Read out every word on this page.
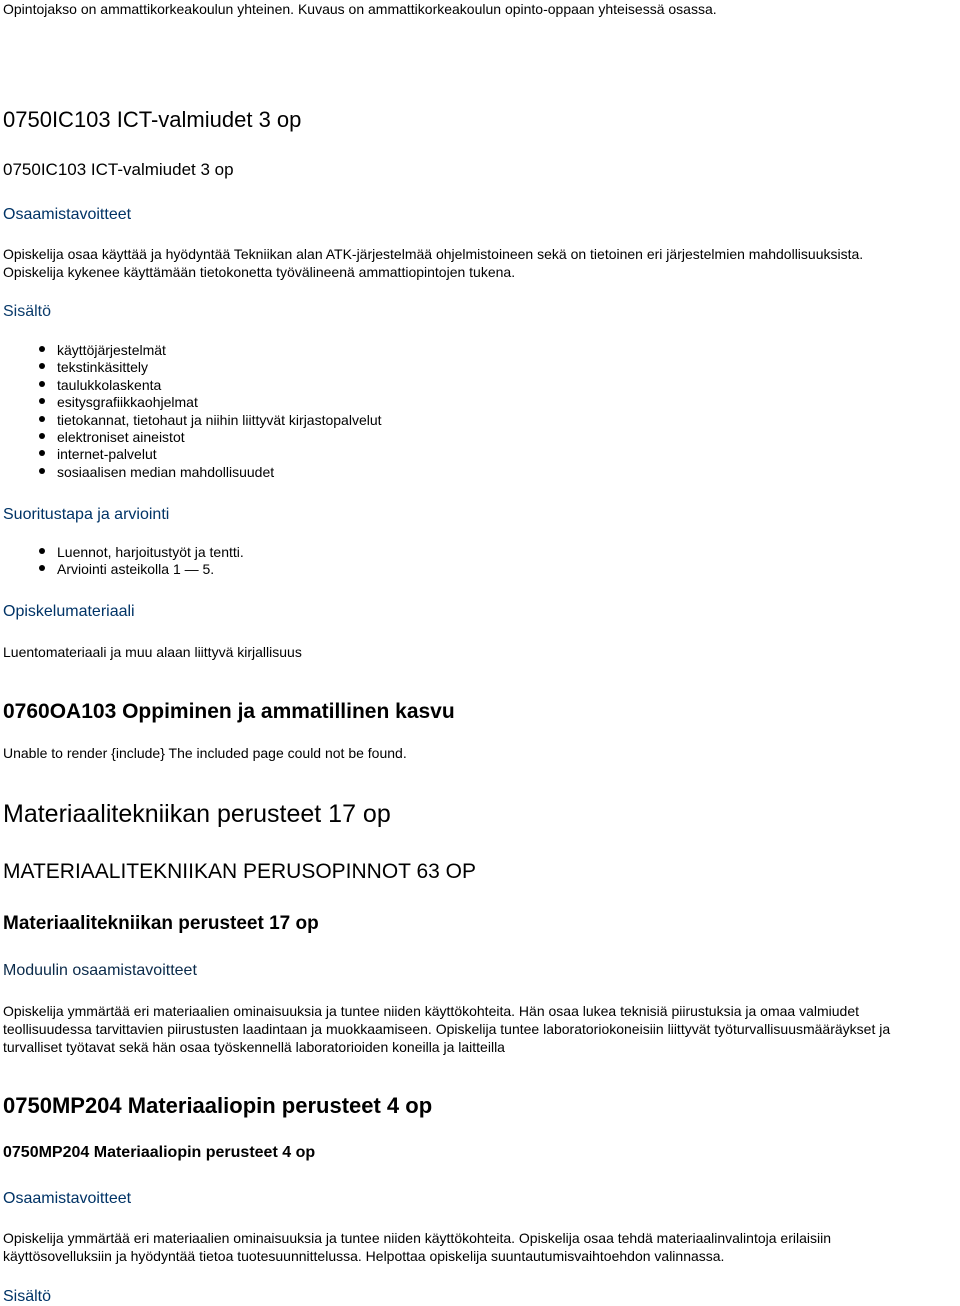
Opintojakso on ammattikorkeakoulun yhteinen. Kuvaus on ammattikorkeakoulun opinto-oppaan yhteisessä osassa.
0750IC103 ICT-valmiudet 3 op
0750IC103 ICT-valmiudet 3 op
Osaamistavoitteet
Opiskelija osaa käyttää ja hyödyntää Tekniikan alan ATK-järjestelmää ohjelmistoineen sekä on tietoinen eri järjestelmien mahdollisuuksista.
Opiskelija kykenee käyttämään tietokonetta työvälineenä ammattiopintojen tukena.
Sisältö
käyttöjärjestelmät
tekstinkäsittely
taulukkolaskenta
esitysgrafiikkaohjelmat
tietokannat, tietohaut ja niihin liittyvät kirjastopalvelut
elektroniset aineistot
internet-palvelut
sosiaalisen median mahdollisuudet
Suoritustapa ja arviointi
Luennot, harjoitustyöt ja tentti.
Arviointi asteikolla 1 — 5.
Opiskelumateriaali
Luentomateriaali ja muu alaan liittyvä kirjallisuus
0760OA103 Oppiminen ja ammatillinen kasvu
Unable to render {include} The included page could not be found.
Materiaalitekniikan perusteet 17 op
MATERIAALITEKNIIKAN PERUSOPINNOT 63 OP
Materiaalitekniikan perusteet 17 op
Moduulin osaamistavoitteet
Opiskelija ymmärtää eri materiaalien ominaisuuksia ja tuntee niiden käyttökohteita. Hän osaa lukea teknisiä piirustuksia ja omaa valmiudet
teollisuudessa tarvittavien piirustusten laadintaan ja muokkaamiseen. Opiskelija tuntee laboratoriokoneisiin liittyvät työturvallisuusmääräykset ja
turvalliset työtavat sekä hän osaa työskennellä laboratorioiden koneilla ja laitteilla
0750MP204 Materiaaliopin perusteet 4 op
0750MP204 Materiaaliopin perusteet 4 op
Osaamistavoitteet
Opiskelija ymmärtää eri materiaalien ominaisuuksia ja tuntee niiden käyttökohteita. Opiskelija osaa tehdä materiaalinvalintoja erilaisiin
käyttösovelluksiin ja hyödyntää tietoa tuotesuunnittelussa. Helpottaa opiskelija suuntautumisvaihtoehdon valinnassa.
Sisältö
